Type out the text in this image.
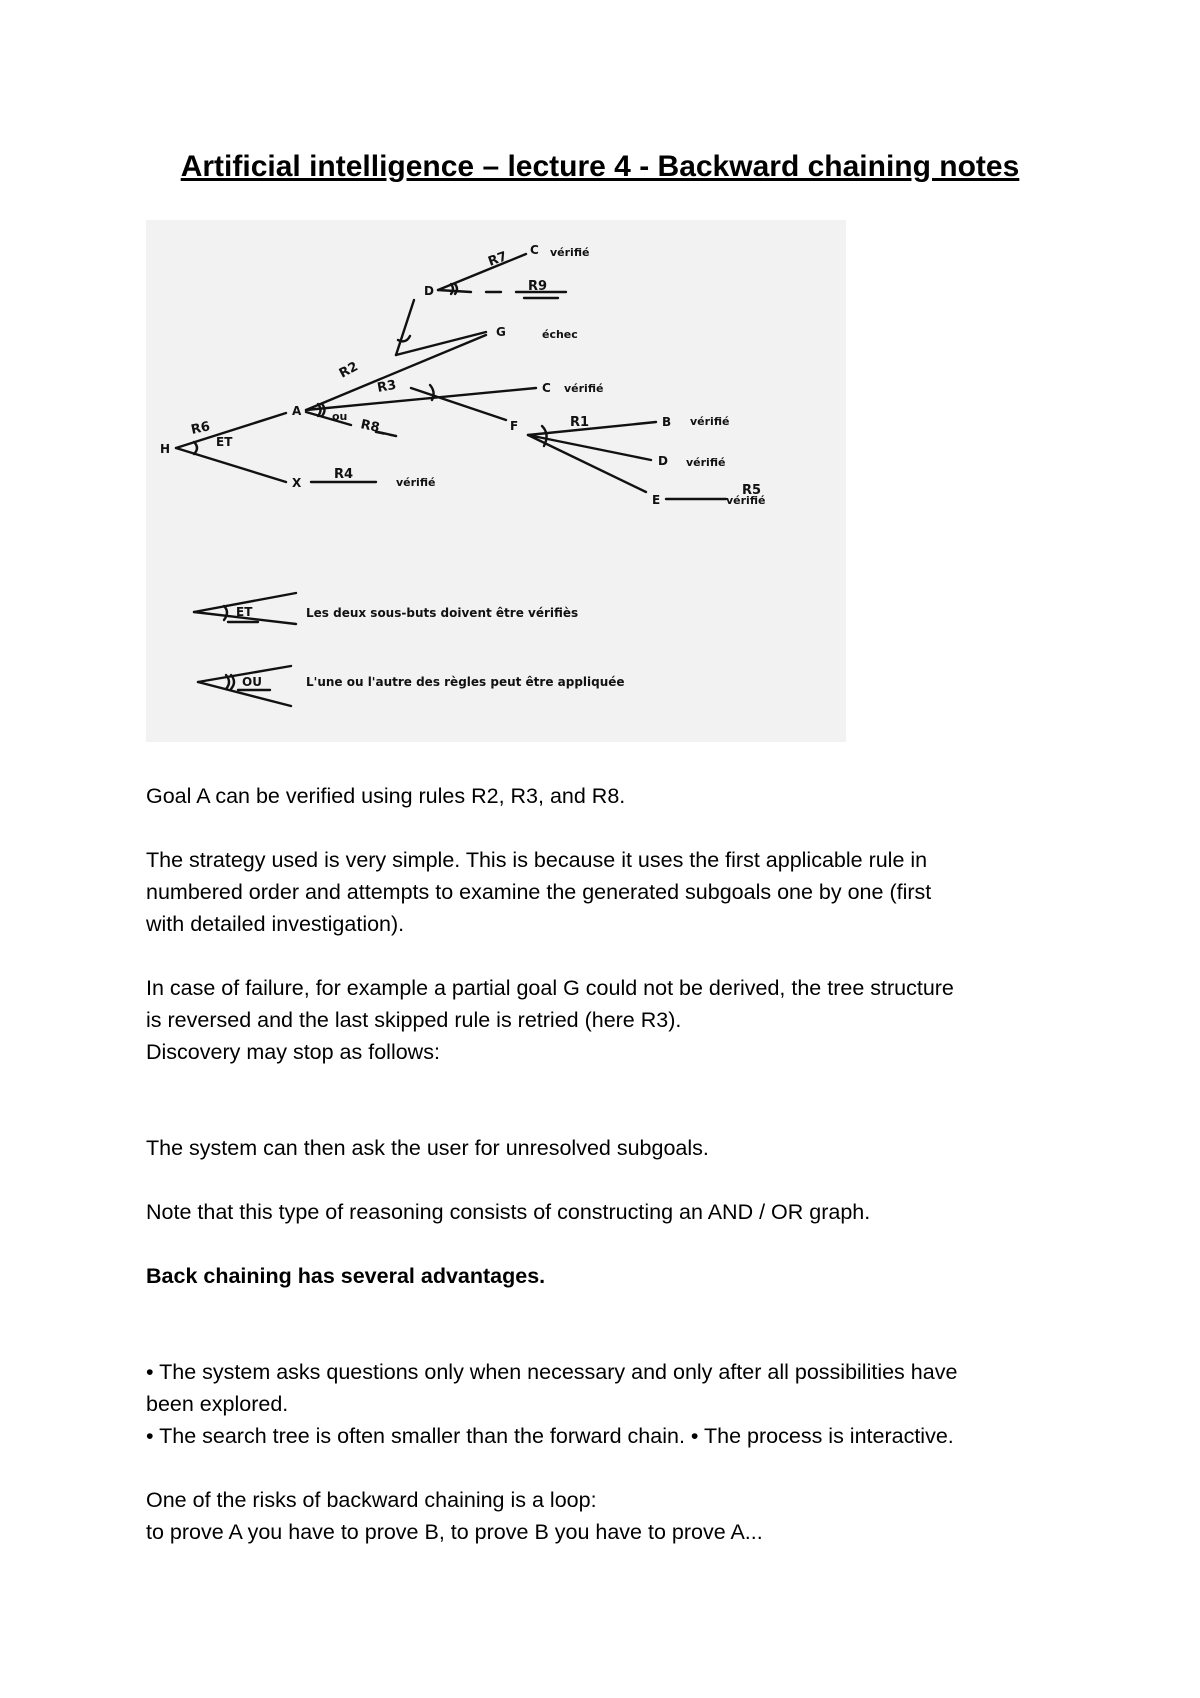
Artificial intelligence – lecture 4 - Backward chaining notes
H
A
X
D
C
G
C
F	B
D
E
R6
R2
R3
R7
R9
R8
R4
R1
R5
ET
ou
vérifié
échec
vérifié
vérifié
vérifié
vérifié
vérifié
ET	Les deux sous-buts doivent être vérifiès
OU	L'une ou l'autre des règles peut être appliquée

Goal A can be verified using rules R2, R3, and R8.

The strategy used is very simple. This is because it uses the first applicable rule in

numbered order and attempts to examine the generated subgoals one by one (first

with detailed investigation).

In case of failure, for example a partial goal G could not be derived, the tree structure

is reversed and the last skipped rule is retried (here R3).

Discovery may stop as follows:

The system can then ask the user for unresolved subgoals.

Note that this type of reasoning consists of constructing an AND / OR graph.

Back chaining has several advantages.

• The system asks questions only when necessary and only after all possibilities have

been explored.

• The search tree is often smaller than the forward chain. • The process is interactive.

One of the risks of backward chaining is a loop:

to prove A you have to prove B, to prove B you have to prove A...
